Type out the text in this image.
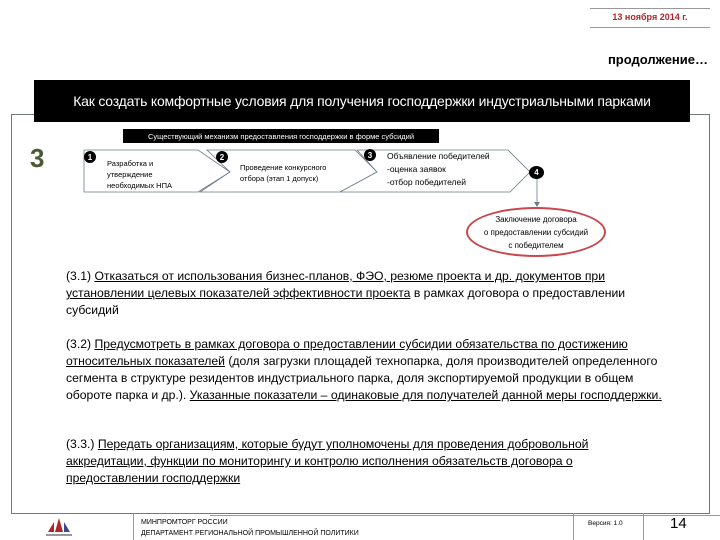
13 ноября 2014 г.
продолжение…
Как создать комфортные условия для получения господдержки индустриальными парками
Существующий механизм предоставления господдержки в форме субсидий
3	1
Разработка и утверждение необходимых НПА
2
Проведение конкурсного отбора (этап 1 допуск)
3	Объявление победителей
-оценка заявок
-отбор победителей
4
Заключение договора
о предоставлении субсидий
с победителем
(3.1) Отказаться от использования бизнес-планов, ФЭО, резюме проекта и др. документов при установлении целевых показателей эффективности проекта в рамках договора о предоставлении субсидий
(3.2) Предусмотреть в рамках договора о предоставлении субсидии обязательства по достижению относительных показателей (доля загрузки площадей технопарка, доля производителей определенного сегмента в структуре резидентов индустриального парка, доля экспортируемой продукции в общем обороте парка и др.). Указанные показатели – одинаковые для получателей данной меры господдержки.
(3.3.) Передать организациям, которые будут уполномочены для проведения добровольной аккредитации, функции по мониторингу и контролю исполнения обязательств договора о предоставлении господдержки
МИНПРОМТОРГ РОССИИ
ДЕПАРТАМЕНТ РЕГИОНАЛЬНОЙ ПРОМЫШЛЕННОЙ ПОЛИТИКИ
Версия: 1.0	14
